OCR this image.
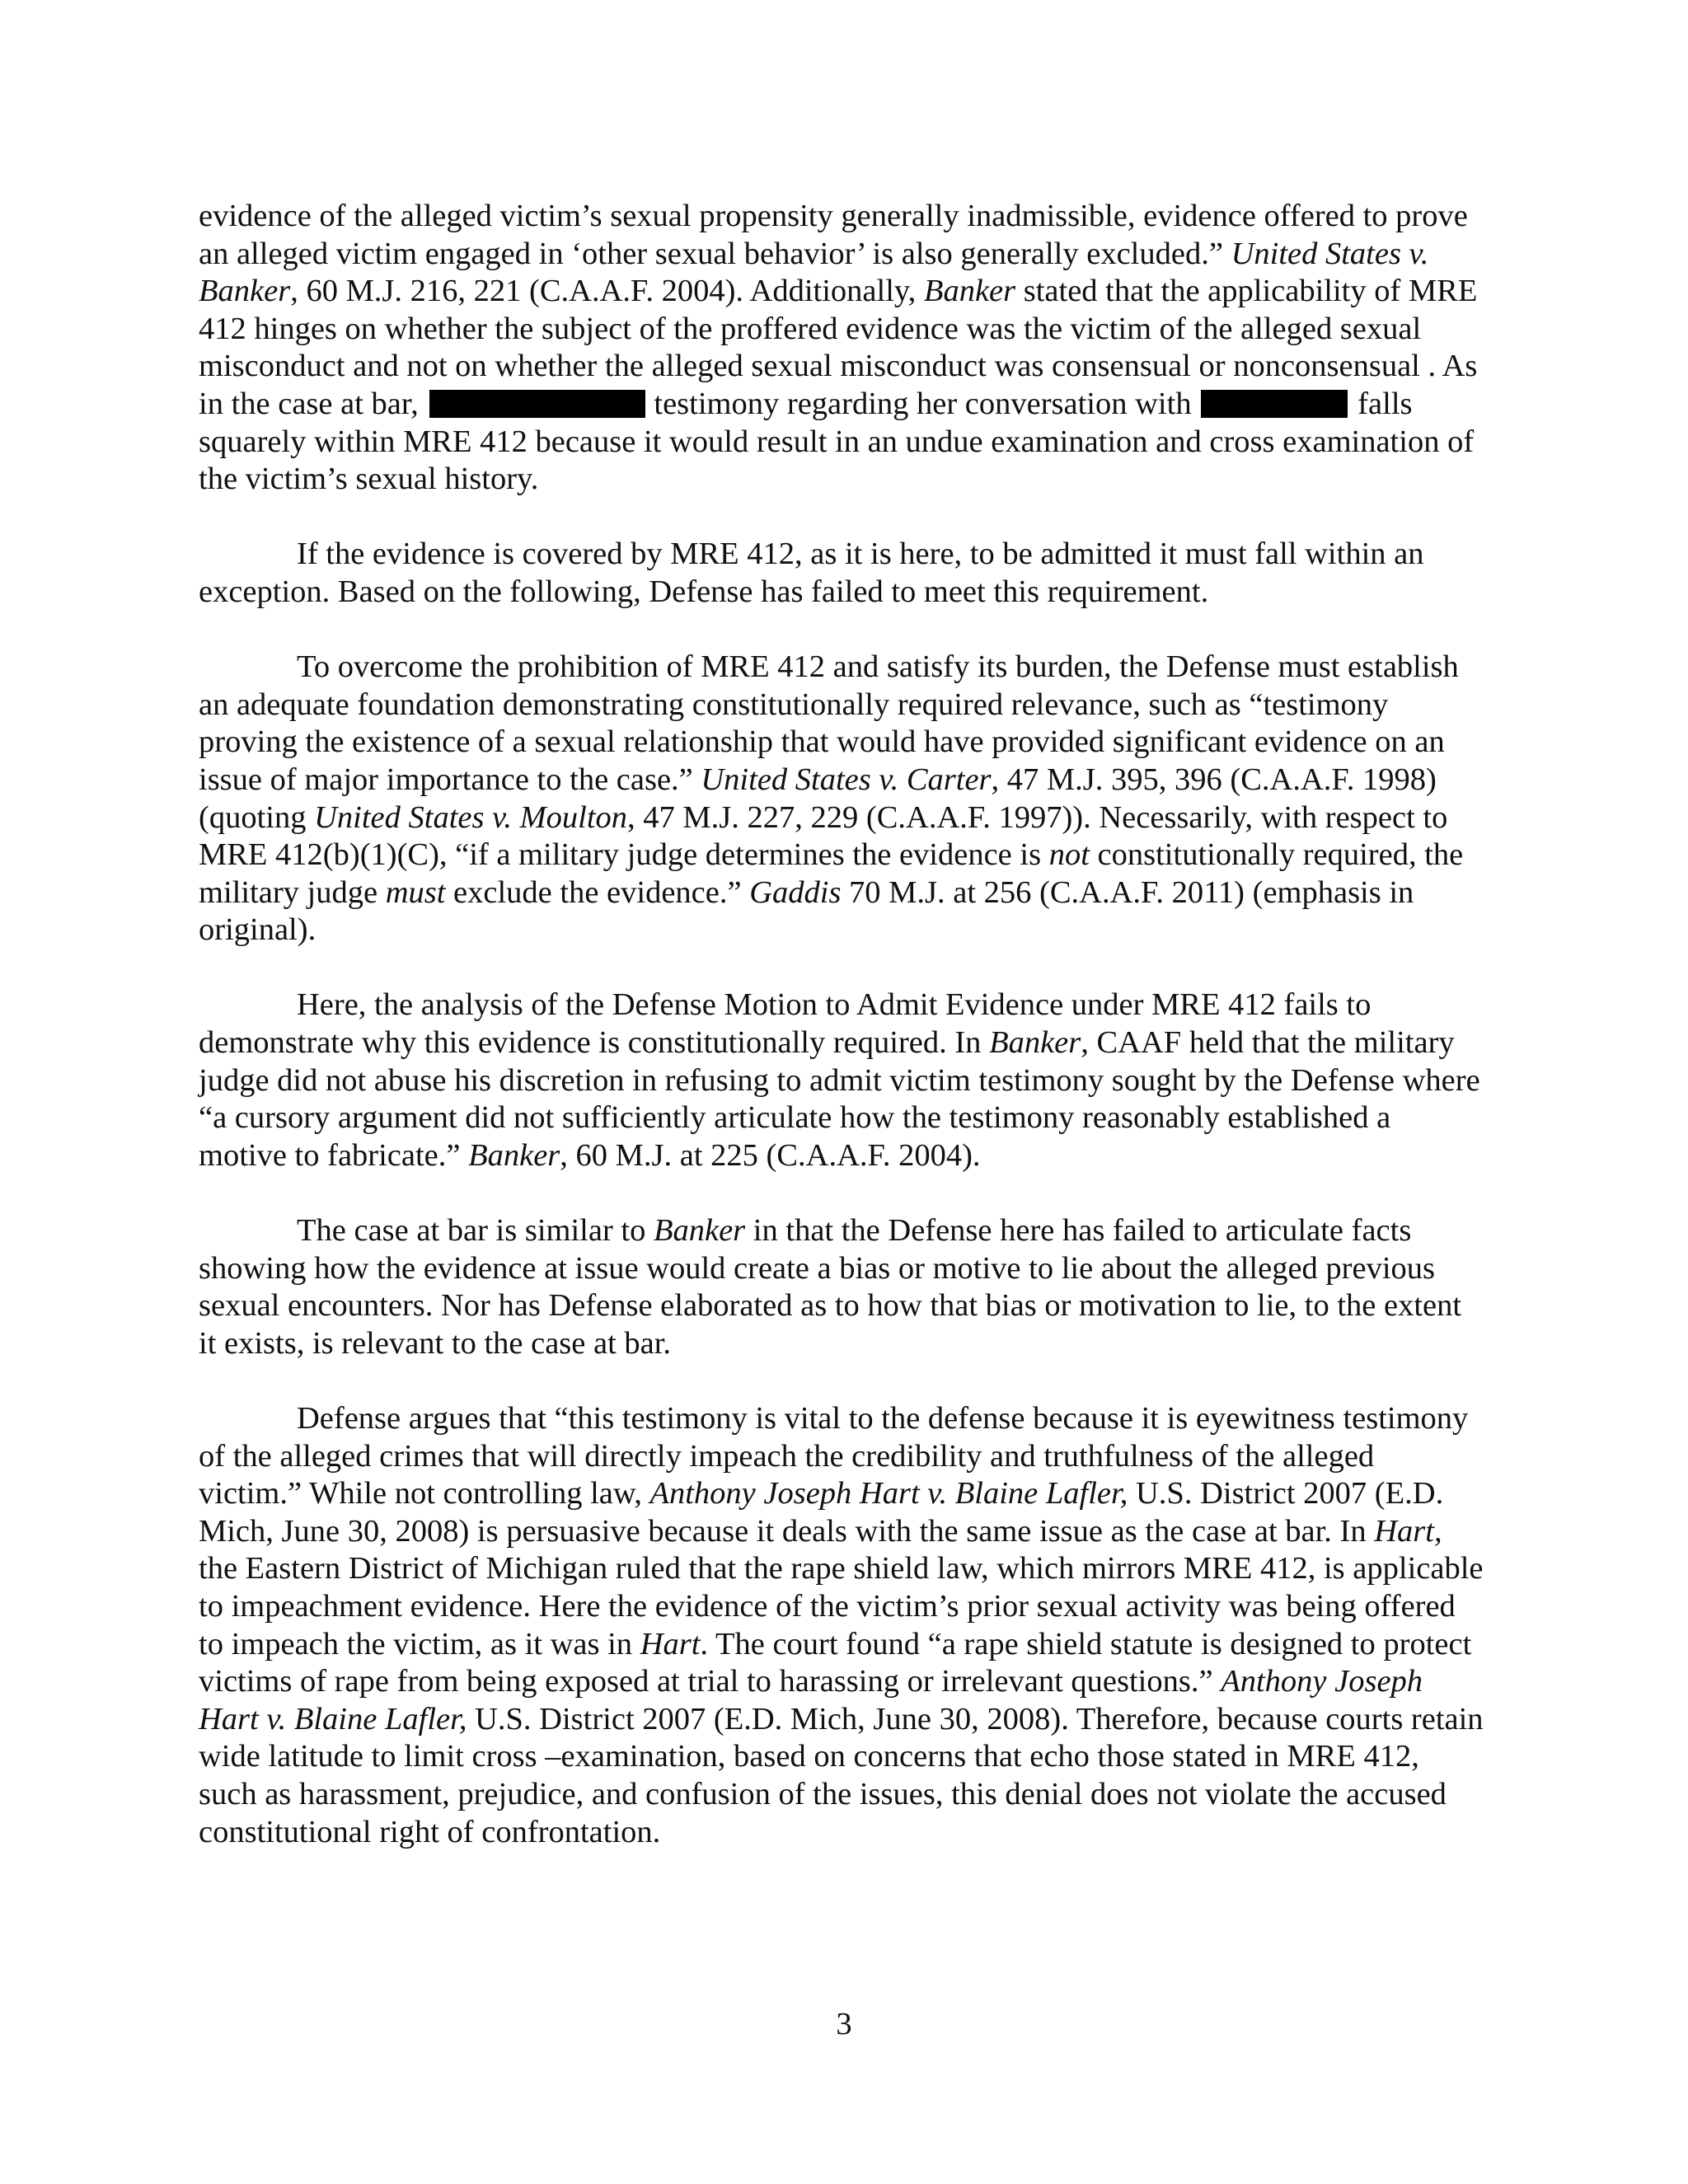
evidence of the alleged victim’s sexual propensity generally inadmissible, evidence offered to prove an alleged victim engaged in ‘other sexual behavior’ is also generally excluded.” United States v. Banker, 60 M.J. 216, 221 (C.A.A.F. 2004). Additionally, Banker stated that the applicability of MRE 412 hinges on whether the subject of the proffered evidence was the victim of the alleged sexual misconduct and not on whether the alleged sexual misconduct was consensual or nonconsensual . As in the case at bar,	testimony regarding her conversation with	falls squarely within MRE 412 because it would result in an undue examination and cross examination of the victim’s sexual history.

If the evidence is covered by MRE 412, as it is here, to be admitted it must fall within an exception. Based on the following, Defense has failed to meet this requirement.

To overcome the prohibition of MRE 412 and satisfy its burden, the Defense must establish an adequate foundation demonstrating constitutionally required relevance, such as “testimony proving the existence of a sexual relationship that would have provided significant evidence on an issue of major importance to the case.” United States v. Carter, 47 M.J. 395, 396 (C.A.A.F. 1998) (quoting United States v. Moulton, 47 M.J. 227, 229 (C.A.A.F. 1997)). Necessarily, with respect to MRE 412(b)(1)(C), “if a military judge determines the evidence is not constitutionally required, the military judge must exclude the evidence.” Gaddis 70 M.J. at 256 (C.A.A.F. 2011) (emphasis in original).

Here, the analysis of the Defense Motion to Admit Evidence under MRE 412 fails to demonstrate why this evidence is constitutionally required. In Banker, CAAF held that the military judge did not abuse his discretion in refusing to admit victim testimony sought by the Defense where “a cursory argument did not sufficiently articulate how the testimony reasonably established a motive to fabricate.” Banker, 60 M.J. at 225 (C.A.A.F. 2004).

The case at bar is similar to Banker in that the Defense here has failed to articulate facts showing how the evidence at issue would create a bias or motive to lie about the alleged previous sexual encounters. Nor has Defense elaborated as to how that bias or motivation to lie, to the extent it exists, is relevant to the case at bar.

Defense argues that “this testimony is vital to the defense because it is eyewitness testimony of the alleged crimes that will directly impeach the credibility and truthfulness of the alleged victim.” While not controlling law, Anthony Joseph Hart v. Blaine Lafler, U.S. District 2007 (E.D. Mich, June 30, 2008) is persuasive because it deals with the same issue as the case at bar. In Hart, the Eastern District of Michigan ruled that the rape shield law, which mirrors MRE 412, is applicable to impeachment evidence. Here the evidence of the victim’s prior sexual activity was being offered to impeach the victim, as it was in Hart. The court found “a rape shield statute is designed to protect victims of rape from being exposed at trial to harassing or irrelevant questions.” Anthony Joseph Hart v. Blaine Lafler, U.S. District 2007 (E.D. Mich, June 30, 2008). Therefore, because courts retain wide latitude to limit cross –examination, based on concerns that echo those stated in MRE 412, such as harassment, prejudice, and confusion of the issues, this denial does not violate the accused constitutional right of confrontation.

3
